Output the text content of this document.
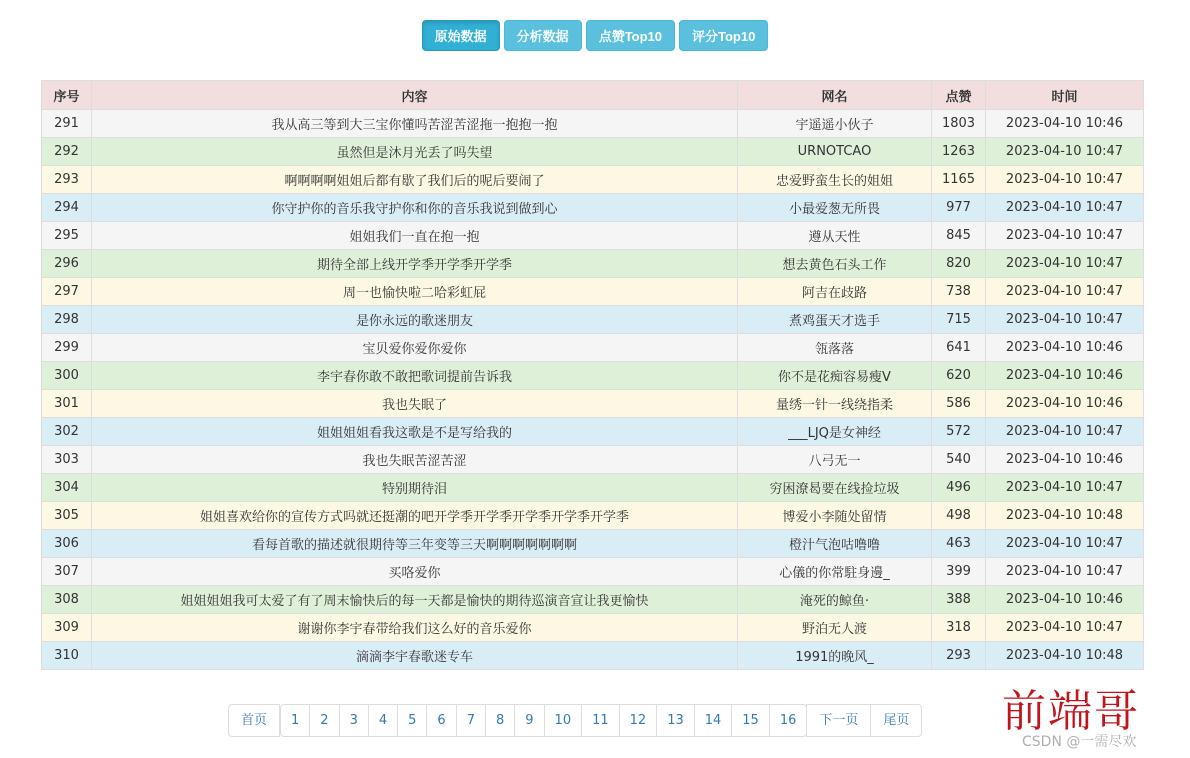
原始数据 分析数据 点赞Top10 评分Top10
序号	内容	网名	点赞	时间
291	我从高三等到大三宝你懂吗苦涩苦涩拖一抱抱一抱	宇遥遥小伙子	1803	2023-04-10 10:46
292	虽然但是沐月光丢了吗失望	URNOTCAO	1263	2023-04-10 10:47
293	啊啊啊啊姐姐后都有歇了我们后的呢后要闹了	忠爱野蛮生长的姐姐	1165	2023-04-10 10:47
294	你守护你的音乐我守护你和你的音乐我说到做到心	小最爱葱无所畏	977	2023-04-10 10:47
295	姐姐我们一直在抱一抱	遵从天性	845	2023-04-10 10:47
296	期待全部上线开学季开学季开学季	想去黄色石头工作	820	2023-04-10 10:47
297	周一也愉快啦二哈彩虹屁	阿吉在歧路	738	2023-04-10 10:47
298	是你永远的歌迷朋友	煮鸡蛋天才选手	715	2023-04-10 10:47
299	宝贝爱你爱你爱你	瓴落落	641	2023-04-10 10:46
300	李宇春你敢不敢把歌词提前告诉我	你不是花痴容易瘦V	620	2023-04-10 10:46
301	我也失眠了	量绣一针一线绕指柔	586	2023-04-10 10:46
302	姐姐姐姐看我这歌是不是写给我的	___LJQ是女神经	572	2023-04-10 10:47
303	我也失眠苦涩苦涩	八弓无一	540	2023-04-10 10:46
304	特别期待泪	穷困潦曷要在线捡垃圾	496	2023-04-10 10:47
305	姐姐喜欢给你的宣传方式吗就还挺潮的吧开学季开学季开学季开学季开学季	博爱小李随处留情	498	2023-04-10 10:48
306	看每首歌的描述就很期待等三年变等三天啊啊啊啊啊啊啊	橙汁气泡咕噜噜	463	2023-04-10 10:47
307	买咯爱你	心儀的你常駐身邊_	399	2023-04-10 10:47
308	姐姐姐姐我可太爱了有了周末愉快后的每一天都是愉快的期待巡演音宣让我更愉快	淹死的鲸鱼·	388	2023-04-10 10:46
309	谢谢你李宇春带给我们这么好的音乐爱你	野泊无人渡	318	2023-04-10 10:47
310	滴滴李宇春歌迷专车	1991的晚风_	293	2023-04-10 10:48
首页	1	2	3	4	5	6	7	8	9	10	11	12	13	14	15	16	下一页	尾页 前端哥
CSDN @一需尽欢
